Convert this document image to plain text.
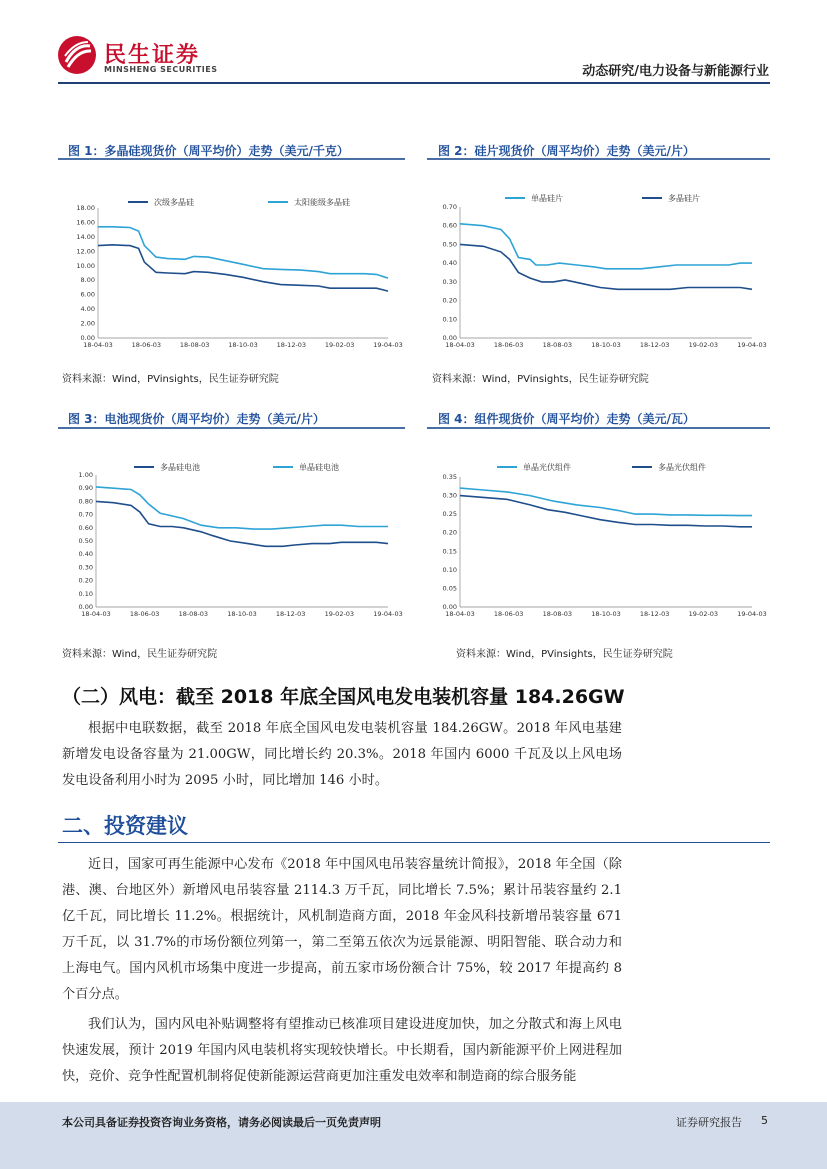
民生证券
MINSHENG SECURITIES	动态研究/电力设备与新能源行业
图 1：多晶硅现货价（周平均价）走势（美元/千克）
0.00
2.00
4.00
6.00
8.00
10.00
12.00
14.00
16.00
18.00
18-04-03	18-06-03	18-08-03	18-10-03	18-12-03	19-02-03	19-04-03
次级多晶硅	太阳能级多晶硅
资料来源：Wind，PVinsights，民生证券研究院
图 2：硅片现货价（周平均价）走势（美元/片）
0.00
0.10
0.20
0.30
0.40
0.50
0.60
0.70
18-04-03	18-06-03	18-08-03	18-10-03	18-12-03	19-02-03	19-04-03
单晶硅片	多晶硅片
资料来源：Wind，PVinsights，民生证券研究院
图 3：电池现货价（周平均价）走势（美元/片）
0.00
0.10
0.20
0.30
0.40
0.50
0.60
0.70
0.80
0.90
1.00
18-04-03	18-06-03	18-08-03	18-10-03	18-12-03	19-02-03	19-04-03
多晶硅电池	单晶硅电池
资料来源：Wind，民生证券研究院
图 4：组件现货价（周平均价）走势（美元/瓦）
0.00
0.05
0.10
0.15
0.20
0.25
0.30
0.35
18-04-03	18-06-03	18-08-03	18-10-03	18-12-03	19-02-03	19-04-03
单晶光伏组件	多晶光伏组件
资料来源：Wind，PVinsights，民生证券研究院
（二）风电：截至 2018 年底全国风电发电装机容量 184.26GW

根据中电联数据，截至 2018 年底全国风电发电装机容量 184.26GW。2018 年风电基建新增发电设备容量为 21.00GW，同比增长约 20.3%。2018 年国内 6000 千瓦及以上风电场发电设备利用小时为 2095 小时，同比增加 146 小时。

二、投资建议

近日，国家可再生能源中心发布《2018 年中国风电吊装容量统计简报》，2018 年全国（除港、澳、台地区外）新增风电吊装容量 2114.3 万千瓦，同比增长 7.5%；累计吊装容量约 2.1 亿千瓦，同比增长 11.2%。根据统计，风机制造商方面，2018 年金风科技新增吊装容量 671 万千瓦，以 31.7%的市场份额位列第一，第二至第五依次为远景能源、明阳智能、联合动力和上海电气。国内风机市场集中度进一步提高，前五家市场份额合计 75%，较 2017 年提高约 8 个百分点。

我们认为，国内风电补贴调整将有望推动已核准项目建设进度加快，加之分散式和海上风电快速发展，预计 2019 年国内风电装机将实现较快增长。中长期看，国内新能源平价上网进程加快，竞价、竞争性配置机制将促使新能源运营商更加注重发电效率和制造商的综合服务能

本公司具备证券投资咨询业务资格，请务必阅读最后一页免责声明	证券研究报告 5
